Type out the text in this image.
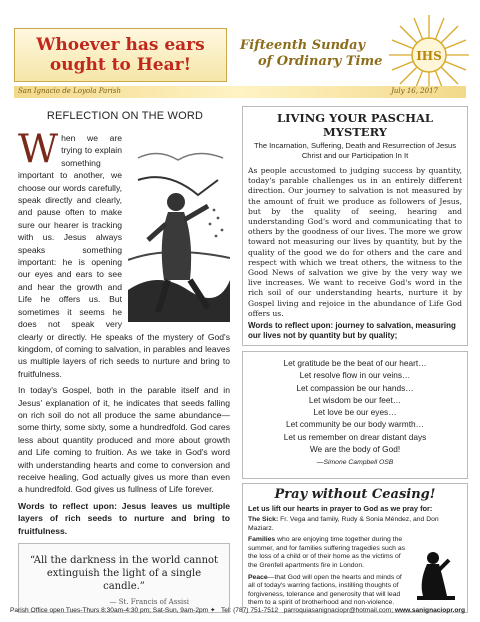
Whoever has ears ought to Hear!
Fifteenth Sunday
of Ordinary Time	IHS
San Ignacio de Loyola Parish	July 16, 2017
REFLECTION ON THE WORD
W hen we are trying to explain something important to another, we choose our words carefully, speak directly and clearly, and pause often to make sure our hearer is tracking with us. Jesus always speaks something important: he is opening our eyes and ears to see and hear the growth and Life he offers us. But sometimes it seems he does not speak very clearly or directly. He speaks of the mystery of God's kingdom, of coming to salvation, in parables and leaves us multiple layers of rich seeds to nurture and bring to fruitfulness.

In today's Gospel, both in the parable itself and in Jesus' explanation of it, he indicates that seeds falling on rich soil do not all produce the same abundance—some thirty, some sixty, some a hundredfold. God cares less about quantity produced and more about growth and Life coming to fruition. As we take in God's word with understanding hearts and come to conversion and receive healing, God actually gives us more than even a hundredfold. God gives us fullness of Life forever.

Words to reflect upon: Jesus leaves us multiple layers of rich seeds to nurture and bring to fruitfulness.

“All the darkness in the world cannot extinguish the light of a single candle.”
— St. Francis of Assisi
LIVING YOUR PASCHAL MYSTERY
The Incarnation, Suffering, Death and Resurrection of Jesus Christ and our Participation In It
As people accustomed to judging success by quantity, today's parable challenges us in an entirely different direction. Our journey to salvation is not measured by the amount of fruit we produce as followers of Jesus, but by the quality of seeing, hearing and understanding God's word and communicating that to others by the goodness of our lives. The more we grow toward not measuring our lives by quantity, but by the quality of the good we do for others and the care and respect with which we treat others, the witness to the Good News of salvation we give by the very way we live increases. We want to receive God's word in the rich soil of our understanding hearts, nurture it by Gospel living and rejoice in the abundance of Life God offers us.
Words to reflect upon: journey to salvation, measuring our lives not by quantity but by quality;
Let gratitude be the beat of our heart…
Let resolve flow in our veins…
Let compassion be our hands…
Let wisdom be our feet…
Let love be our eyes…
Let community be our body warmth…
Let us remember on drear distant days
We are the body of God!
—Simone Campbell OSB
Pray without Ceasing!
Let us lift our hearts in prayer to God as we pray for:
The Sick: Fr. Vega and family, Rudy & Sonia Méndez, and Don Maziarz.
Families who are enjoying time together during the summer, and for families suffering tragedies such as the loss of a child or of their home as the victims of the Grenfell apartments fire in London.
Peace—that God will open the hearts and minds of all of today's warring factions, instilling thoughts of forgiveness, tolerance and generosity that will lead them to a spirit of brotherhood and non-violence.
Parish Office open Tues-Thurs 8:30am-4:30 pm; Sat-Sun, 9am-2pm ✦ Tel: (787) 751-7512 parroquiasanignaciopr@hotmail.com; www.sanignaciopr.org
